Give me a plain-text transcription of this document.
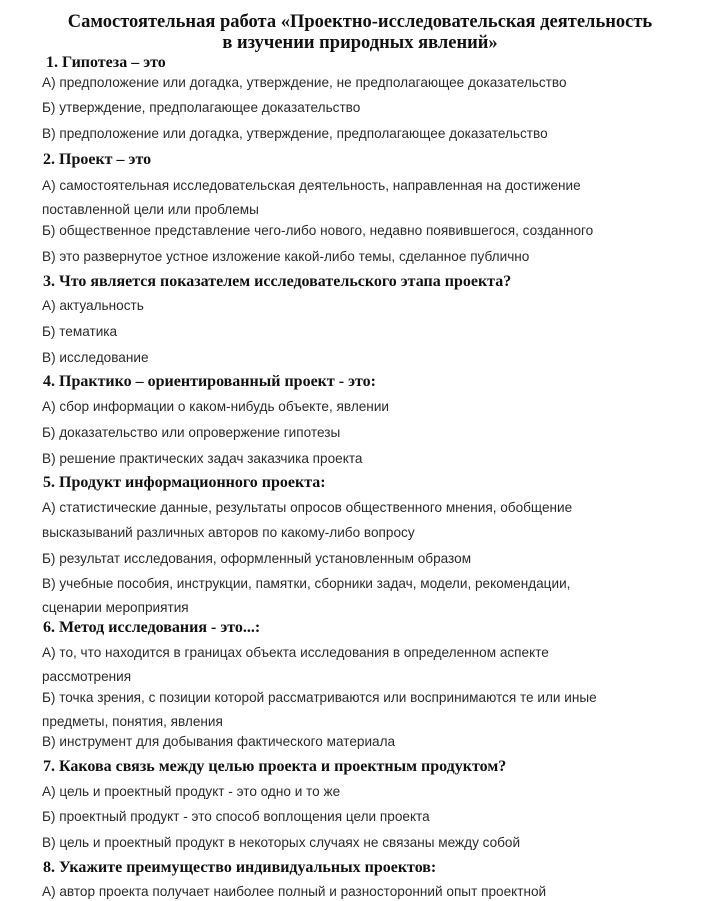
Самостоятельная работа «Проектно-исследовательская деятельность
в изучении природных явлений»
1. Гипотеза – это
А) предположение или догадка, утверждение, не предполагающее доказательство
Б) утверждение, предполагающее доказательство
В) предположение или догадка, утверждение, предполагающее доказательство
2. Проект – это
А) самостоятельная исследовательская деятельность, направленная на достижение
поставленной цели или проблемы
Б) общественное представление чего-либо нового, недавно появившегося, созданного
В) это развернутое устное изложение какой-либо темы, сделанное публично
3. Что является показателем исследовательского этапа проекта?
А) актуальность
Б) тематика
В) исследование
4. Практико – ориентированный проект - это:
А) сбор информации о каком-нибудь объекте, явлении
Б) доказательство или опровержение гипотезы
В) решение практических задач заказчика проекта
5. Продукт информационного проекта:
А) статистические данные, результаты опросов общественного мнения, обобщение
высказываний различных авторов по какому-либо вопросу
Б) результат исследования, оформленный установленным образом
В) учебные пособия, инструкции, памятки, сборники задач, модели, рекомендации,
сценарии мероприятия
6. Метод исследования - это...:
А) то, что находится в границах объекта исследования в определенном аспекте
рассмотрения
Б) точка зрения, с позиции которой рассматриваются или воспринимаются те или иные
предметы, понятия, явления
В) инструмент для добывания фактического материала
7. Какова связь между целью проекта и проектным продуктом?
А) цель и проектный продукт - это одно и то же
Б) проектный продукт - это способ воплощения цели проекта
В) цель и проектный продукт в некоторых случаях не связаны между собой
8. Укажите преимущество индивидуальных проектов:
А) автор проекта получает наиболее полный и разносторонний опыт проектной
